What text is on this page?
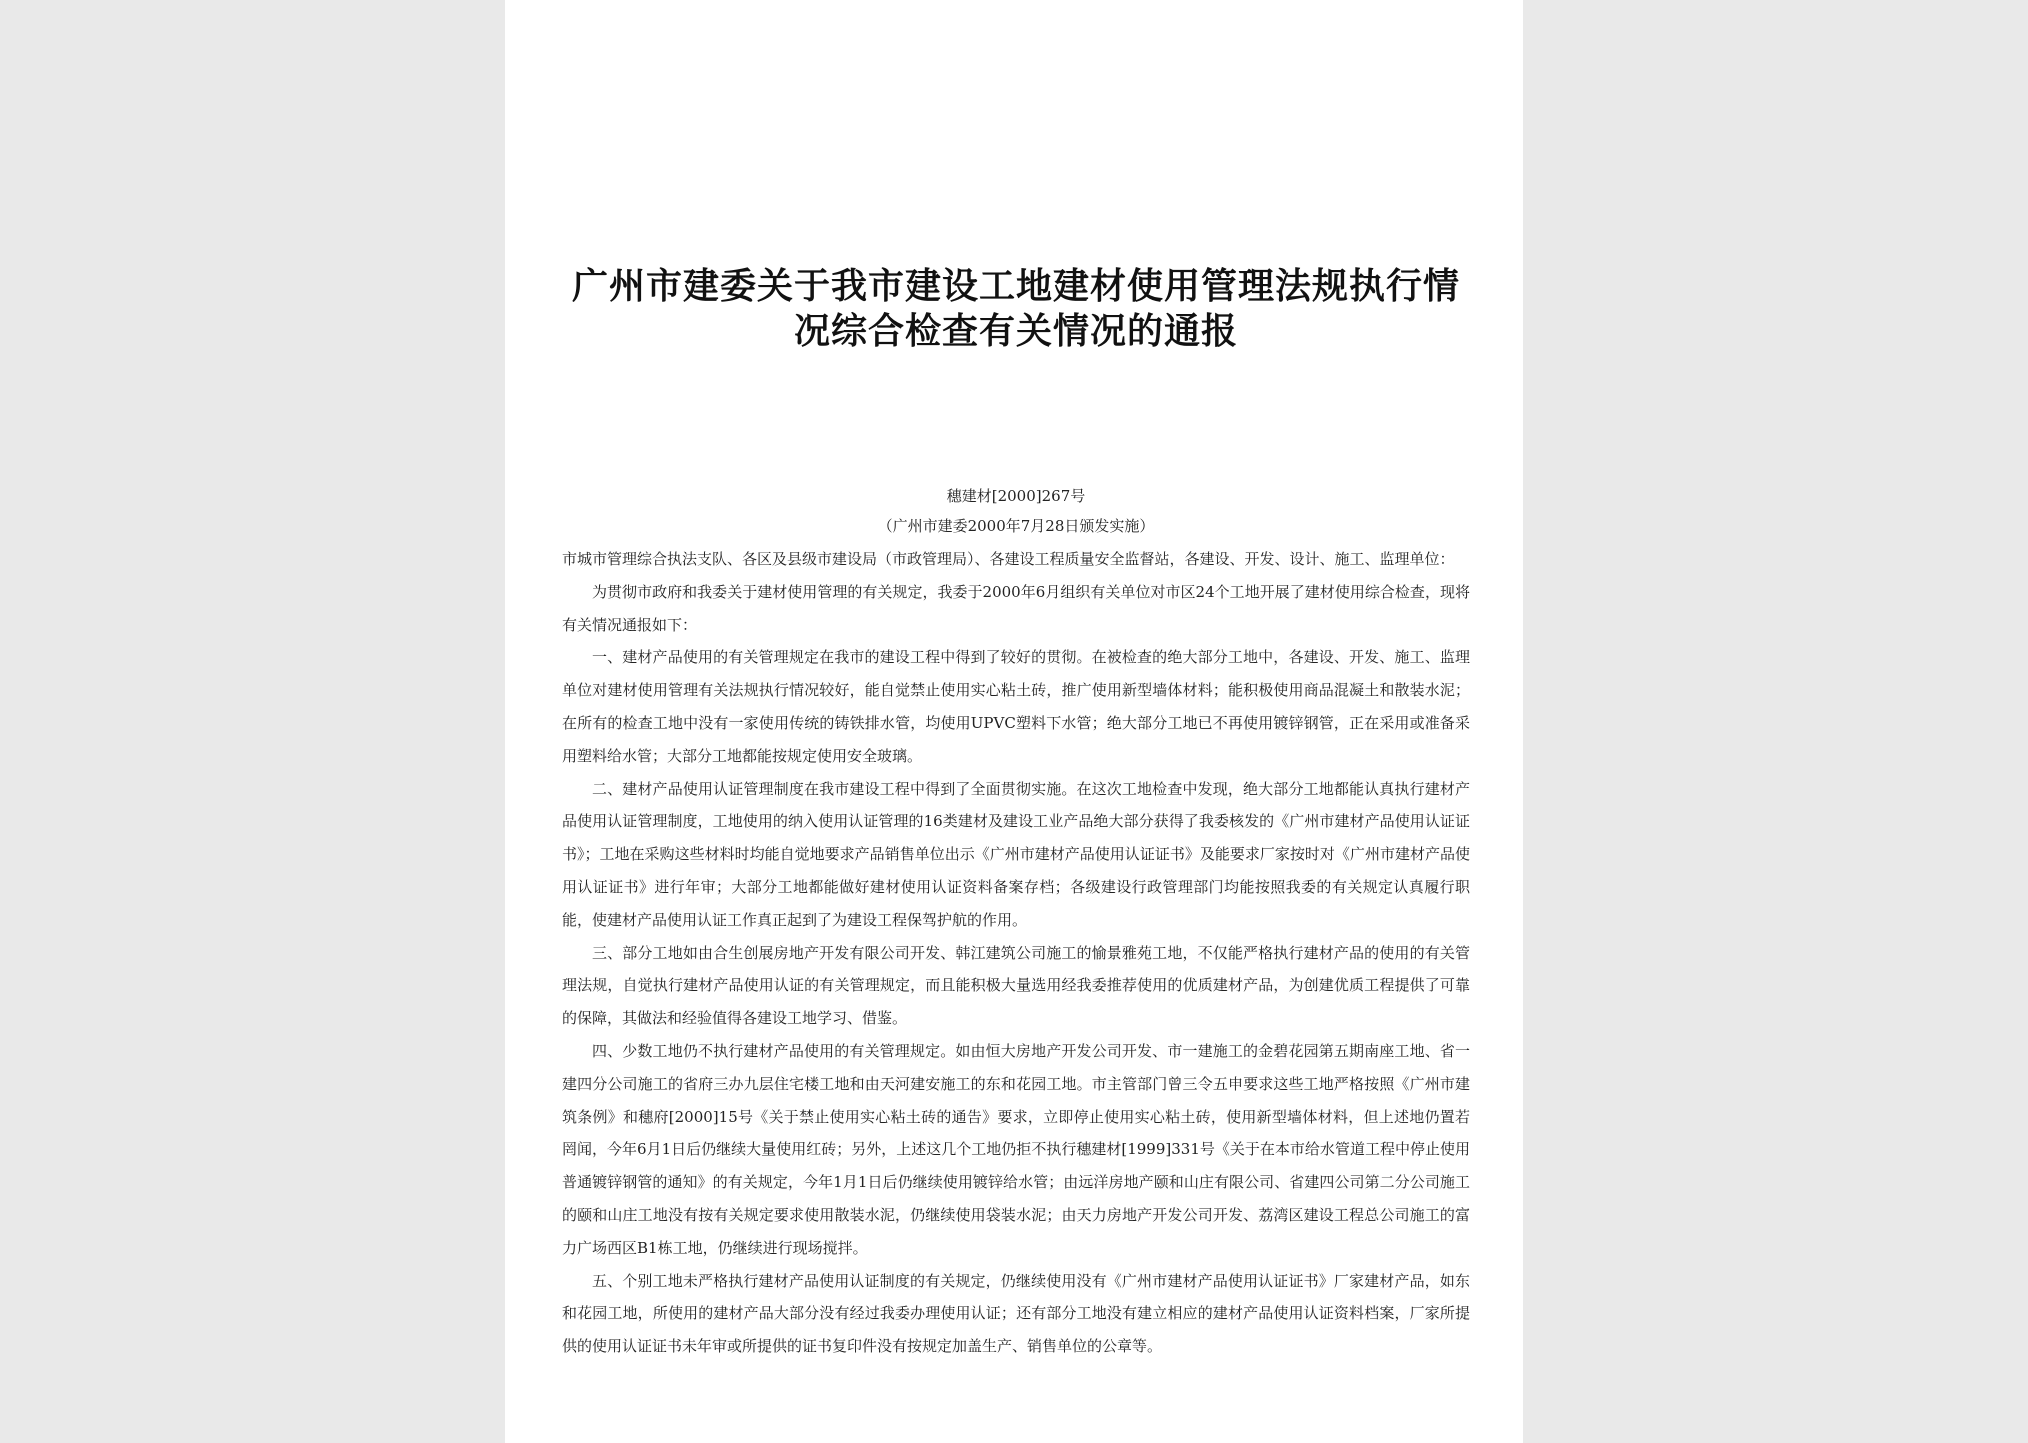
广州市建委关于我市建设工地建材使用管理法规执行情
况综合检查有关情况的通报
穗建材[2000]267号
（广州市建委2000年7月28日颁发实施）

市城市管理综合执法支队、各区及县级市建设局（市政管理局）、各建设工程质量安全监督站，各建设、开发、设计、施工、监理单位：

为贯彻市政府和我委关于建材使用管理的有关规定，我委于2000年6月组织有关单位对市区24个工地开展了建材使用综合检查，现将有关情况通报如下：

一、建材产品使用的有关管理规定在我市的建设工程中得到了较好的贯彻。在被检查的绝大部分工地中，各建设、开发、施工、监理单位对建材使用管理有关法规执行情况较好，能自觉禁止使用实心粘土砖，推广使用新型墙体材料；能积极使用商品混凝土和散装水泥；在所有的检查工地中没有一家使用传统的铸铁排水管，均使用UPVC塑料下水管；绝大部分工地已不再使用镀锌钢管，正在采用或准备采用塑料给水管；大部分工地都能按规定使用安全玻璃。

二、建材产品使用认证管理制度在我市建设工程中得到了全面贯彻实施。在这次工地检查中发现，绝大部分工地都能认真执行建材产品使用认证管理制度，工地使用的纳入使用认证管理的16类建材及建设工业产品绝大部分获得了我委核发的《广州市建材产品使用认证证书》；工地在采购这些材料时均能自觉地要求产品销售单位出示《广州市建材产品使用认证证书》及能要求厂家按时对《广州市建材产品使用认证证书》进行年审；大部分工地都能做好建材使用认证资料备案存档；各级建设行政管理部门均能按照我委的有关规定认真履行职能，使建材产品使用认证工作真正起到了为建设工程保驾护航的作用。

三、部分工地如由合生创展房地产开发有限公司开发、韩江建筑公司施工的愉景雅苑工地，不仅能严格执行建材产品的使用的有关管理法规，自觉执行建材产品使用认证的有关管理规定，而且能积极大量选用经我委推荐使用的优质建材产品，为创建优质工程提供了可靠的保障，其做法和经验值得各建设工地学习、借鉴。

四、少数工地仍不执行建材产品使用的有关管理规定。如由恒大房地产开发公司开发、市一建施工的金碧花园第五期南座工地、省一建四分公司施工的省府三办九层住宅楼工地和由天河建安施工的东和花园工地。市主管部门曾三令五申要求这些工地严格按照《广州市建筑条例》和穗府[2000]15号《关于禁止使用实心粘土砖的通告》要求，立即停止使用实心粘土砖，使用新型墙体材料，但上述地仍置若罔闻，今年6月1日后仍继续大量使用红砖；另外，上述这几个工地仍拒不执行穗建材[1999]331号《关于在本市给水管道工程中停止使用普通镀锌钢管的通知》的有关规定，今年1月1日后仍继续使用镀锌给水管；由远洋房地产颐和山庄有限公司、省建四公司第二分公司施工的颐和山庄工地没有按有关规定要求使用散装水泥，仍继续使用袋装水泥；由天力房地产开发公司开发、荔湾区建设工程总公司施工的富力广场西区B1栋工地，仍继续进行现场搅拌。

五、个别工地未严格执行建材产品使用认证制度的有关规定，仍继续使用没有《广州市建材产品使用认证证书》厂家建材产品，如东和花园工地，所使用的建材产品大部分没有经过我委办理使用认证；还有部分工地没有建立相应的建材产品使用认证资料档案，厂家所提供的使用认证证书未年审或所提供的证书复印件没有按规定加盖生产、销售单位的公章等。
